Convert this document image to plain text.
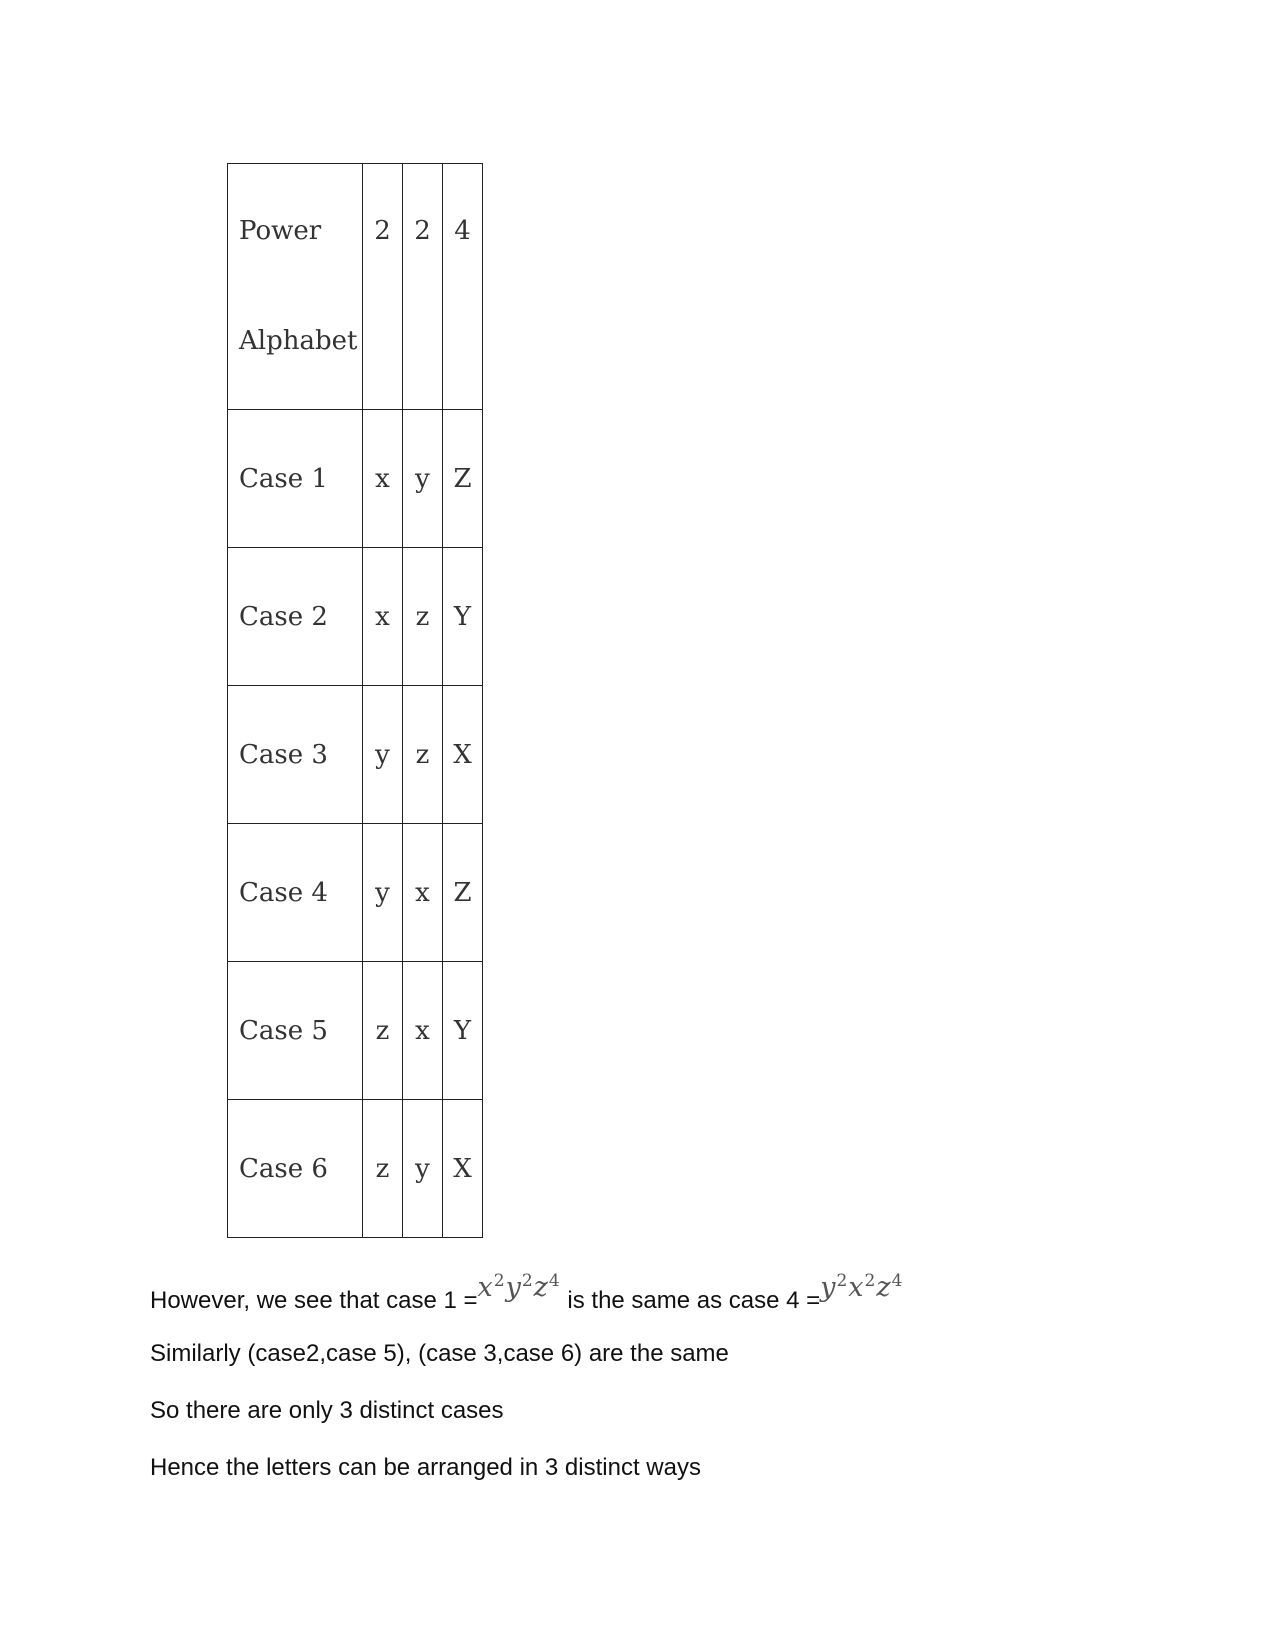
Power
Alphabet	2	2	4

Case 1	x	y	Z
Case 2	x	z	Y
Case 3	y	z	X
Case 4	y	x	Z
Case 5	z	x	Y
Case 6	z	y	X
However, we see that case $1 =x^2y^2z^4$ is the same as case $4 =y^2x^2z^4$
Similarly (case2,case 5), (case 3,case 6) are the same
So there are only 3 distinct cases
Hence the letters can be arranged in 3 distinct ways
